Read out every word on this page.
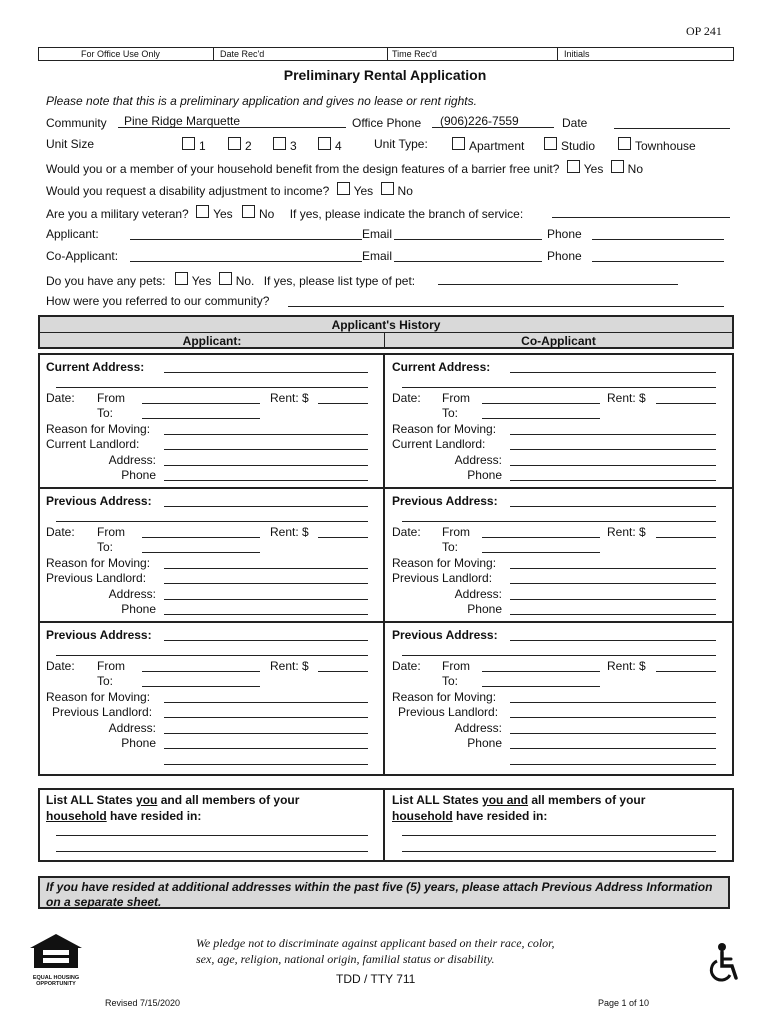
OP 241
For Office Use Only	Date Rec'd	Time Rec'd	Initials
Preliminary Rental Application
Please note that this is a preliminary application and gives no lease or rent rights.
Community Pine Ridge Marquette	Office Phone (906)226-7559	Date
Unit Size	1	2	3	4	Unit Type:	Apartment	Studio	Townhouse
Would you or a member of your household benefit from the design features of a barrier free unit? Yes No
Would you request a disability adjustment to income? Yes No
Are you a military veteran? Yes No If yes, please indicate the branch of service:
Applicant:	Email	Phone
Co-Applicant:	Email	Phone
Do you have any pets: Yes No. If yes, please list type of pet:
How were you referred to our community?
Applicant's History
Applicant:	Co-Applicant
Current Address:
Date: From	Rent: $
To:
Reason for Moving:
Current Landlord:
Address:
Phone
Current Address:
Date: From	Rent: $
To:
Reason for Moving:
Current Landlord:
Address:
Phone
Previous Address:
Date: From	Rent: $
To:
Reason for Moving:
Previous Landlord:
Address:
Phone
Previous Address:
Date: From	Rent: $
To:
Reason for Moving:
Previous Landlord:
Address:
Phone
Previous Address:
Date: From	Rent: $
To:
Reason for Moving:
Previous Landlord:
Address:
Phone
Previous Address:
Date: From	Rent: $
To:
Reason for Moving:
Previous Landlord:
Address:
Phone
List ALL States you and all members of your
household have resided in:
List ALL States you and all members of your
household have resided in:
If you have resided at additional addresses within the past five (5) years, please attach Previous Address Information on a separate sheet.
EQUAL HOUSING OPPORTUNITY
We pledge not to discriminate against applicant based on their race, color, sex, age, religion, national origin, familial status or disability.
TDD / TTY 711
Revised 7/15/2020	Page 1 of 10
